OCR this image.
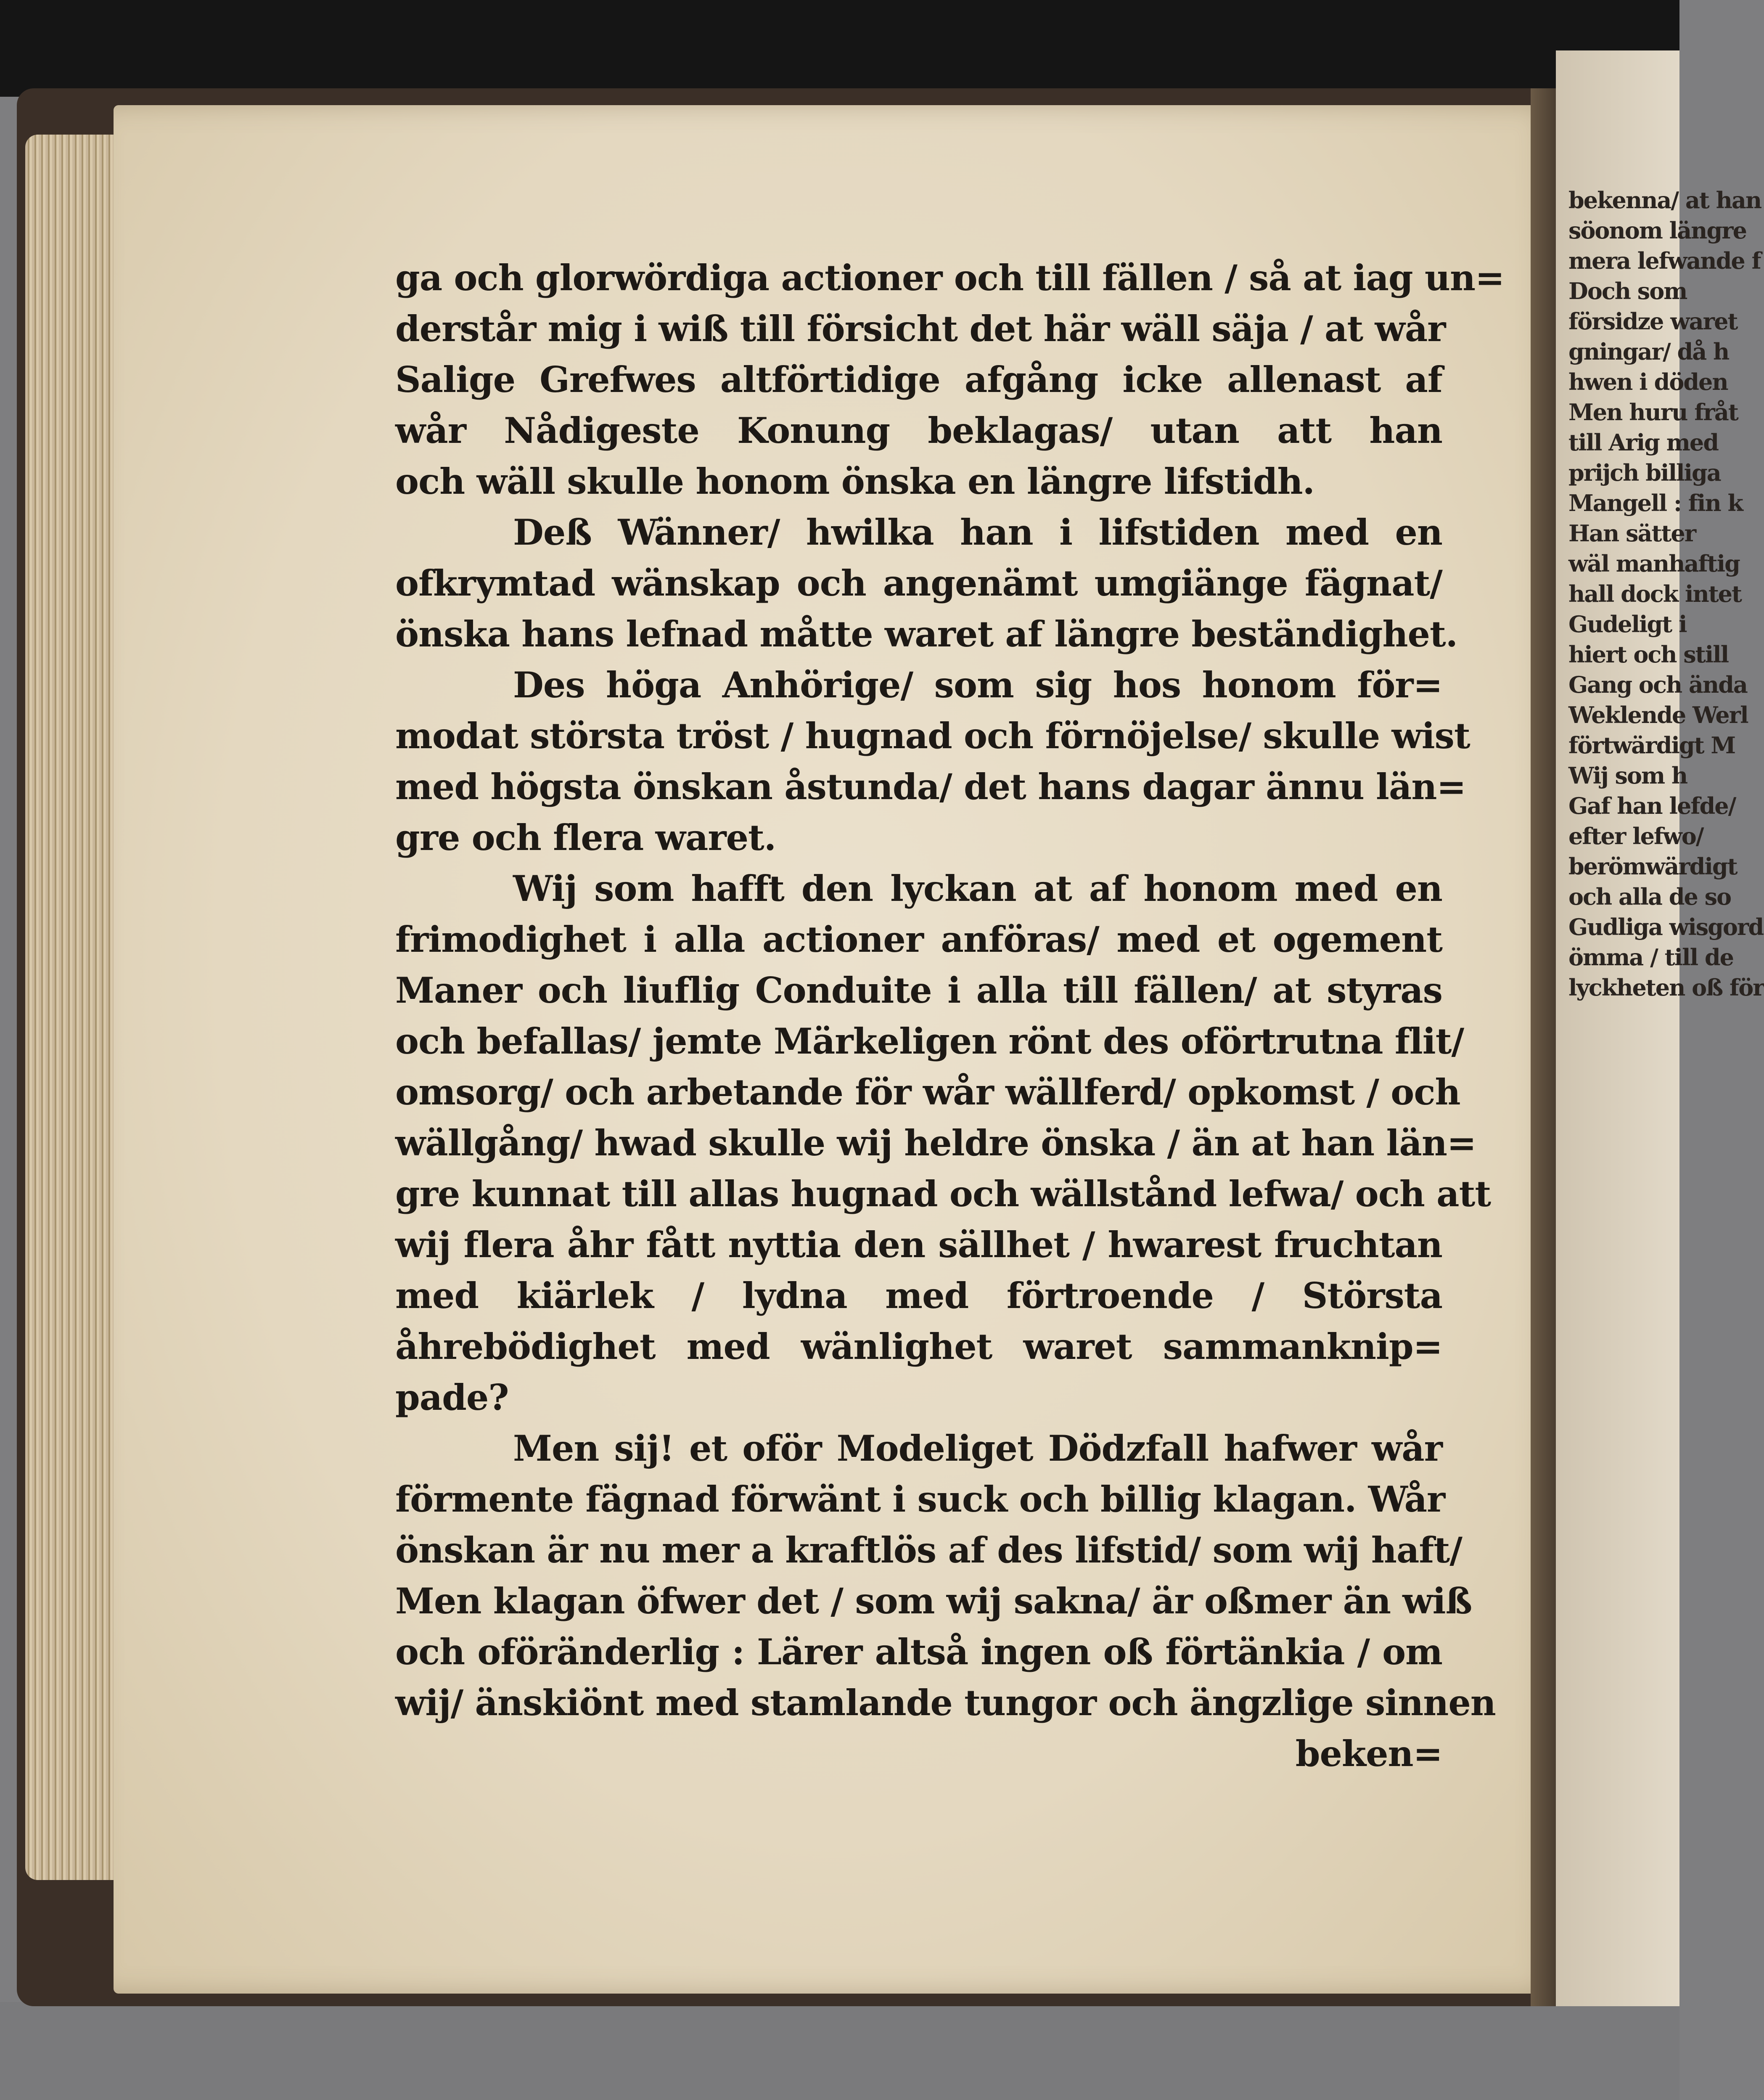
ga och glorwördiga actioner och till fällen / så at iag un=
derstår mig i wiß till försicht det här wäll säja / at wår
Salige Grefwes altförtidige afgång icke allenast af
wår Nådigeste Konung beklagas/ utan att han
och wäll skulle honom önska en längre lifstidh.
Deß Wänner/ hwilka han i lifstiden med en
ofkrymtad wänskap och angenämt umgiänge fägnat/
önska hans lefnad måtte waret af längre beständighet.
Des höga Anhörige/ som sig hos honom för=
modat största tröst / hugnad och förnöjelse/ skulle wist
med högsta önskan åstunda/ det hans dagar ännu län=
gre och flera waret.
Wij som hafft den lyckan at af honom med en
frimodighet i alla actioner anföras/ med et ogement
Maner och liuflig Conduite i alla till fällen/ at styras
och befallas/ jemte Märkeligen rönt des oförtrutna flit/
omsorg/ och arbetande för wår wällferd/ opkomst / och
wällgång/ hwad skulle wij heldre önska / än at han län=
gre kunnat till allas hugnad och wällstånd lefwa/ och att
wij flera åhr fått nyttia den sällhet / hwarest fruchtan
med kiärlek / lydna med förtroende / Största
åhrebödighet med wänlighet waret sammanknip=
pade?
Men sij! et oför Modeliget Dödzfall hafwer wår
förmente fägnad förwänt i suck och billig klagan. Wår
önskan är nu mer a kraftlös af des lifstid/ som wij haft/
Men klagan öfwer det / som wij sakna/ är oßmer än wiß
och oföränderlig : Lärer altså ingen oß förtänkia / om
wij/ änskiönt med stamlande tungor och ängzlige sinnen
beken=
bekenna/ at han
söonom längre
mera lefwande f
Doch som
försidze waret
gningar/ då h
hwen i döden
Men huru fråt
till Arig med
prijch billiga
Mangell : fin k
Han sätter
wäl manhaftig
hall dock intet
Gudeligt i
hiert och still
Gang och ända
Weklende Werl
förtwärdigt M
Wij som h
Gaf han lefde/
efter lefwo/
berömwärdigt
och alla de so
Gudliga wisgord
ömma / till de
lyckheten oß för
